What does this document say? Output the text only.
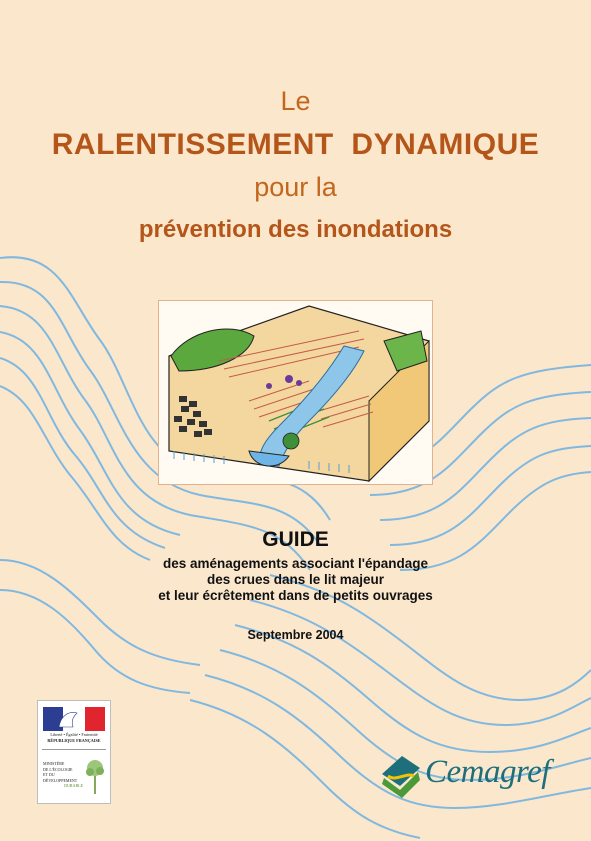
Le
RALENTISSEMENT  DYNAMIQUE
pour la
prévention des inondations
GUIDE
des aménagements associant l'épandage
des crues dans le lit majeur
et leur écrêtement dans de petits ouvrages
Septembre 2004
Liberté • Égalité • Fraternité
RÉPUBLIQUE FRANÇAISE
MINISTÈRE
DE L'ÉCOLOGIE
ET DU DÉVELOPPEMENT
DURABLE	Cemagref
